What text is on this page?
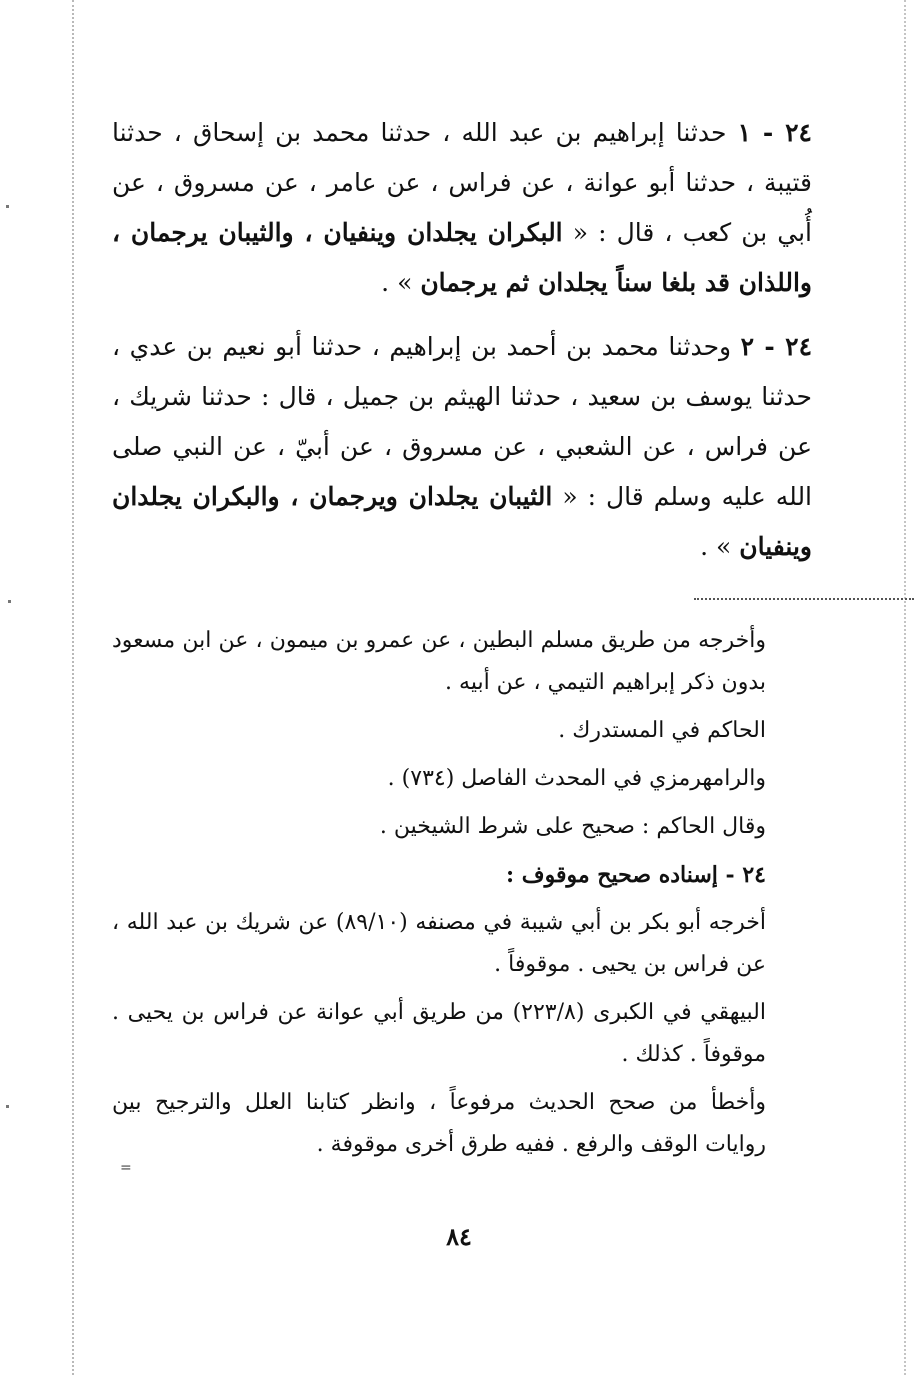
٢٤ - ١ حدثنا إبراهيم بن عبد الله ، حدثنا محمد بن إسحاق ، حدثنا قتيبة ، حدثنا أبو عوانة ، عن فراس ، عن عامر ، عن مسروق ، عن أُبي بن كعب ، قال : « البكران يجلدان وينفيان ، والثيبان يرجمان ، واللذان قد بلغا سناً يجلدان ثم يرجمان » .

٢٤ - ٢ وحدثنا محمد بن أحمد بن إبراهيم ، حدثنا أبو نعيم بن عدي ، حدثنا يوسف بن سعيد ، حدثنا الهيثم بن جميل ، قال : حدثنا شريك ، عن فراس ، عن الشعبي ، عن مسروق ، عن أبيّ ، عن النبي صلى الله عليه وسلم قال : « الثيبان يجلدان ويرجمان ، والبكران يجلدان وينفيان » .

وأخرجه من طريق مسلم البطين ، عن عمرو بن ميمون ، عن ابن مسعود بدون ذكر إبراهيم التيمي ، عن أبيه .

الحاكم في المستدرك .

والرامهرمزي في المحدث الفاصل (٧٣٤) .

وقال الحاكم : صحيح على شرط الشيخين .

٢٤ - إسناده صحيح موقوف :

أخرجه أبو بكر بن أبي شيبة في مصنفه (٨٩/١٠) عن شريك بن عبد الله ، عن فراس بن يحيى . موقوفاً .

البيهقي في الكبرى (٢٢٣/٨) من طريق أبي عوانة عن فراس بن يحيى . موقوفاً . كذلك .

وأخطأ من صحح الحديث مرفوعاً ، وانظر كتابنا العلل والترجيح بين روايات الوقف والرفع . ففيه طرق أخرى موقوفة .

=
٨٤
